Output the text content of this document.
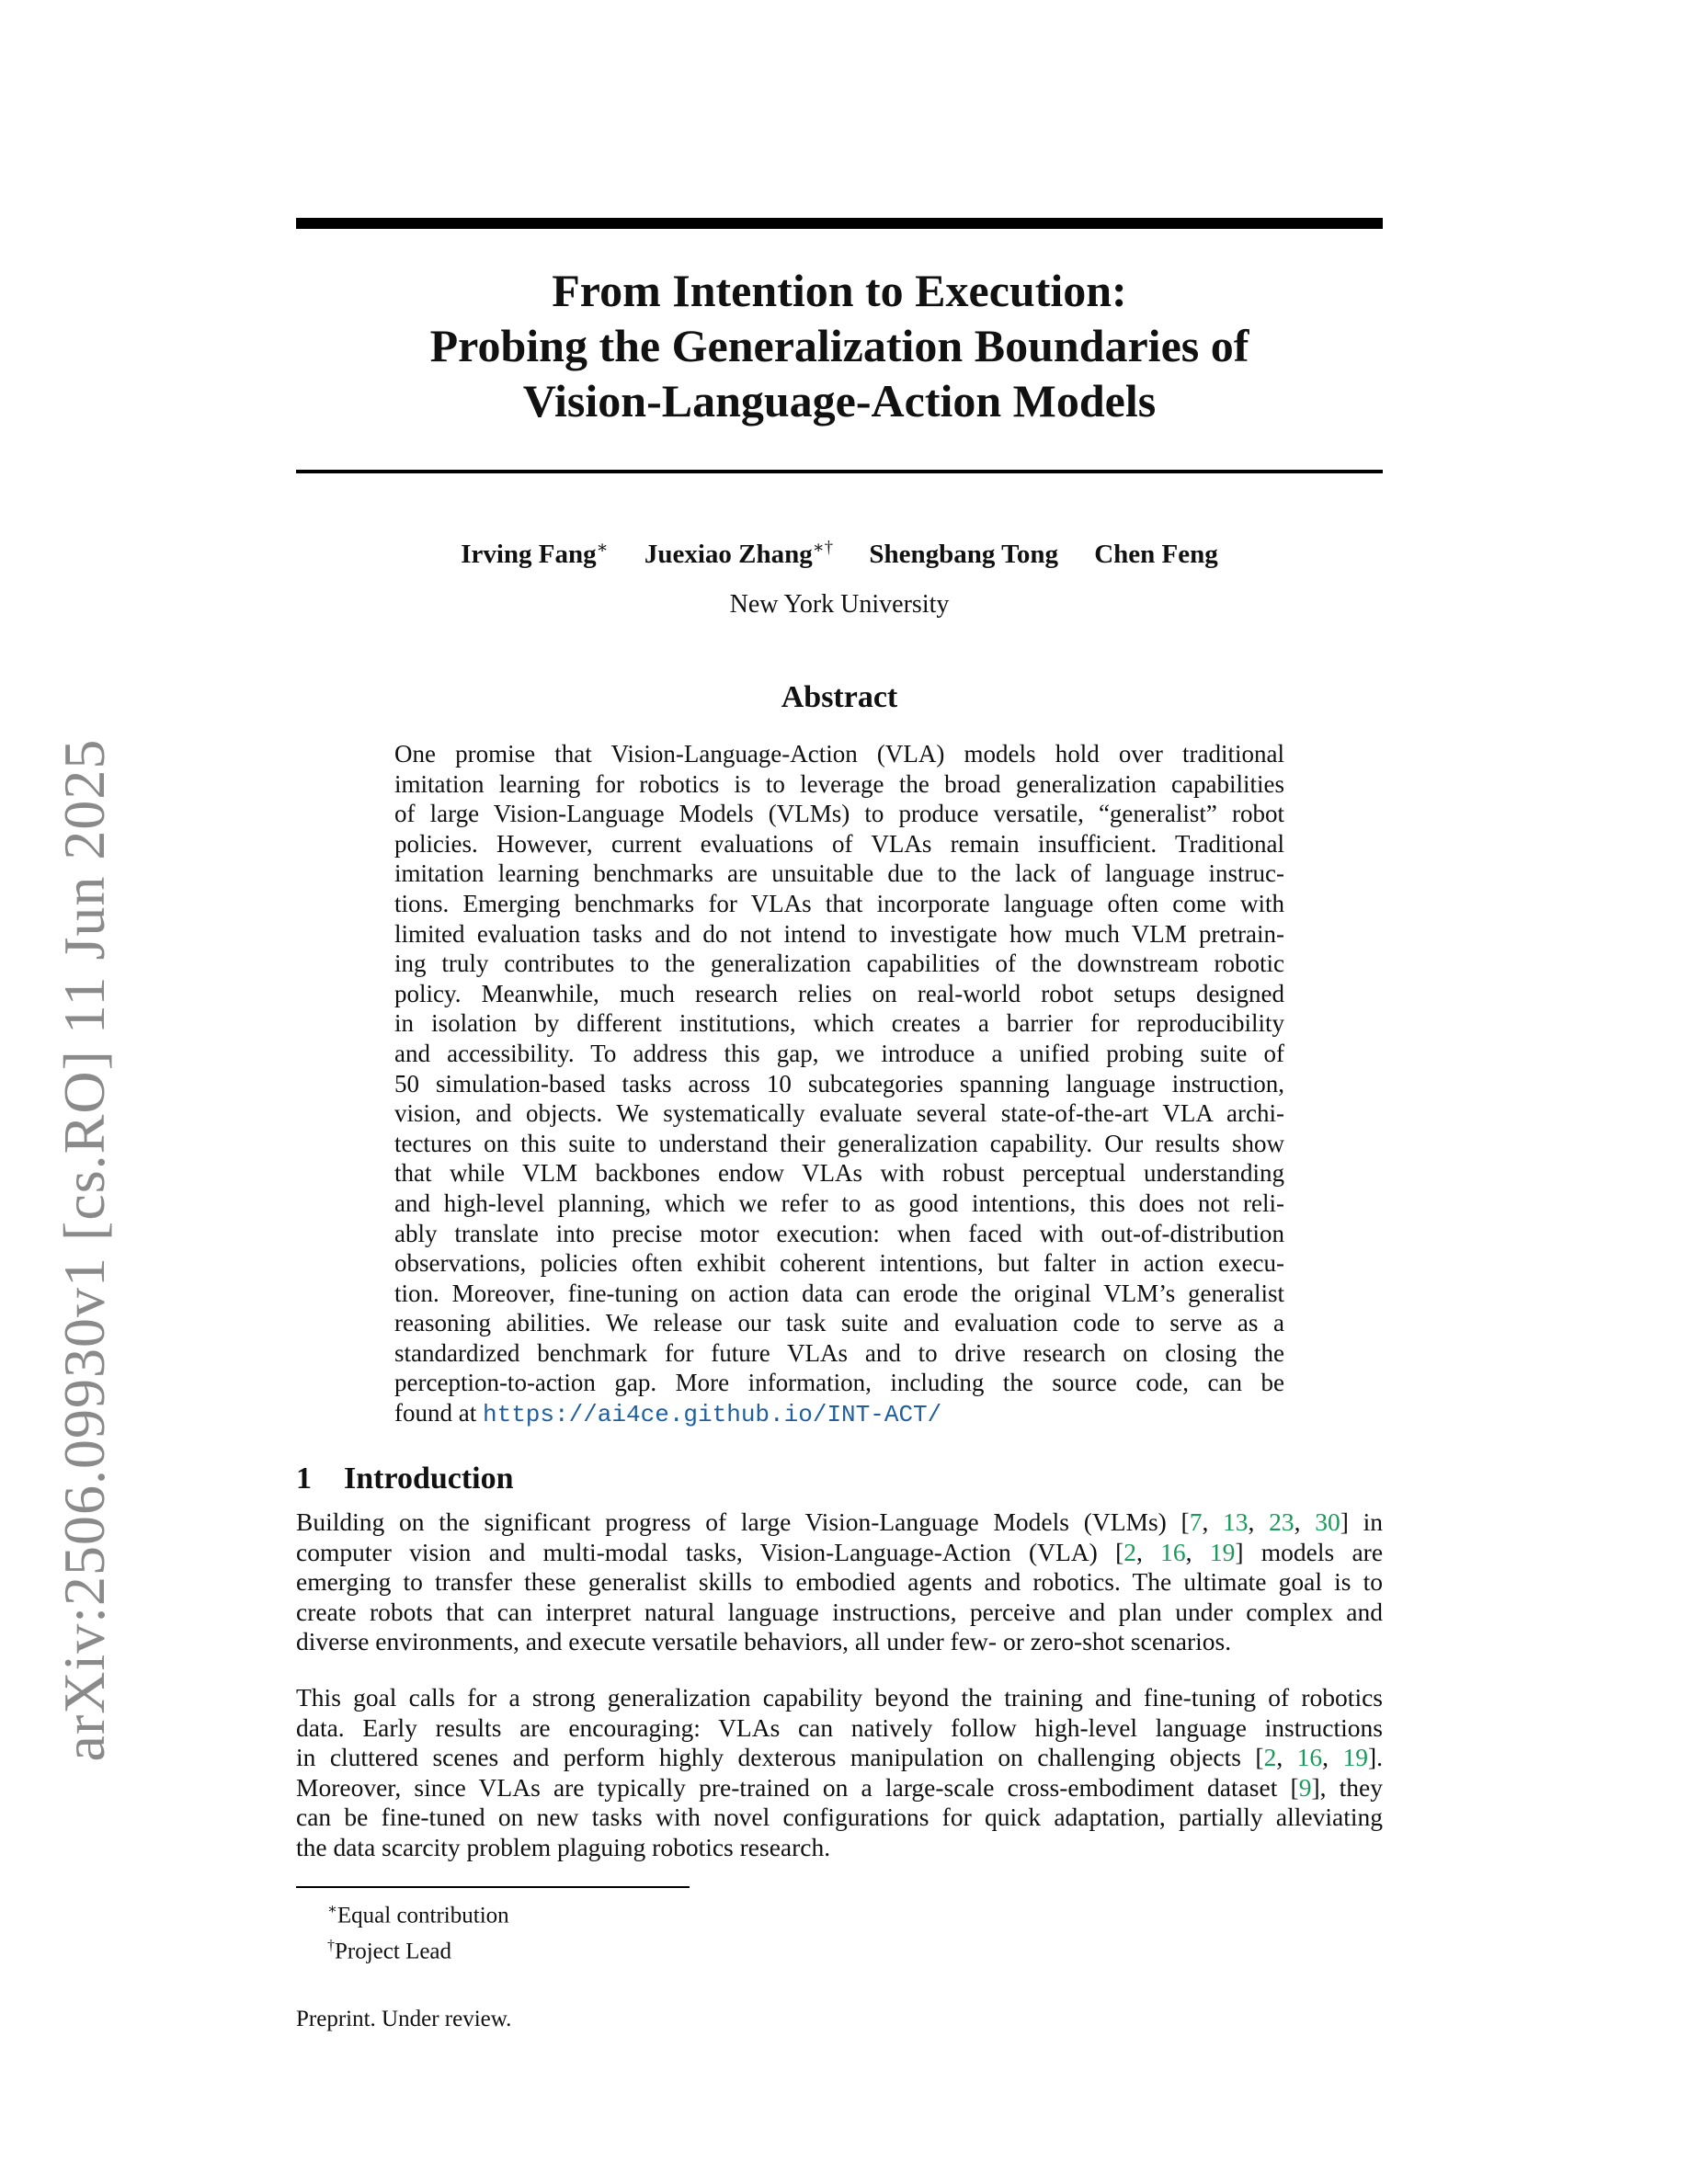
arXiv:2506.09930v1 [cs.RO] 11 Jun 2025
From Intention to Execution:
Probing the Generalization Boundaries of
Vision-Language-Action Models
Irving Fang∗ Juexiao Zhang∗† Shengbang Tong Chen Feng
New York University
Abstract
One promise that Vision-Language-Action (VLA) models hold over traditional
imitation learning for robotics is to leverage the broad generalization capabilities
of large Vision-Language Models (VLMs) to produce versatile, “generalist” robot
policies. However, current evaluations of VLAs remain insufficient. Traditional
imitation learning benchmarks are unsuitable due to the lack of language instruc-
tions. Emerging benchmarks for VLAs that incorporate language often come with
limited evaluation tasks and do not intend to investigate how much VLM pretrain-
ing truly contributes to the generalization capabilities of the downstream robotic
policy. Meanwhile, much research relies on real-world robot setups designed
in isolation by different institutions, which creates a barrier for reproducibility
and accessibility. To address this gap, we introduce a unified probing suite of
50 simulation-based tasks across 10 subcategories spanning language instruction,
vision, and objects. We systematically evaluate several state-of-the-art VLA archi-
tectures on this suite to understand their generalization capability. Our results show
that while VLM backbones endow VLAs with robust perceptual understanding
and high-level planning, which we refer to as good intentions, this does not reli-
ably translate into precise motor execution: when faced with out-of-distribution
observations, policies often exhibit coherent intentions, but falter in action execu-
tion. Moreover, fine-tuning on action data can erode the original VLM’s generalist
reasoning abilities. We release our task suite and evaluation code to serve as a
standardized benchmark for future VLAs and to drive research on closing the
perception-to-action gap. More information, including the source code, can be
found at https://ai4ce.github.io/INT-ACT/
1 Introduction
Building on the significant progress of large Vision-Language Models (VLMs) [7, 13, 23, 30] in
computer vision and multi-modal tasks, Vision-Language-Action (VLA) [2, 16, 19] models are
emerging to transfer these generalist skills to embodied agents and robotics. The ultimate goal is to
create robots that can interpret natural language instructions, perceive and plan under complex and
diverse environments, and execute versatile behaviors, all under few- or zero-shot scenarios.
This goal calls for a strong generalization capability beyond the training and fine-tuning of robotics
data. Early results are encouraging: VLAs can natively follow high-level language instructions
in cluttered scenes and perform highly dexterous manipulation on challenging objects [2, 16, 19].
Moreover, since VLAs are typically pre-trained on a large-scale cross-embodiment dataset [9], they
can be fine-tuned on new tasks with novel configurations for quick adaptation, partially alleviating
the data scarcity problem plaguing robotics research.
∗Equal contribution
†Project Lead
Preprint. Under review.
